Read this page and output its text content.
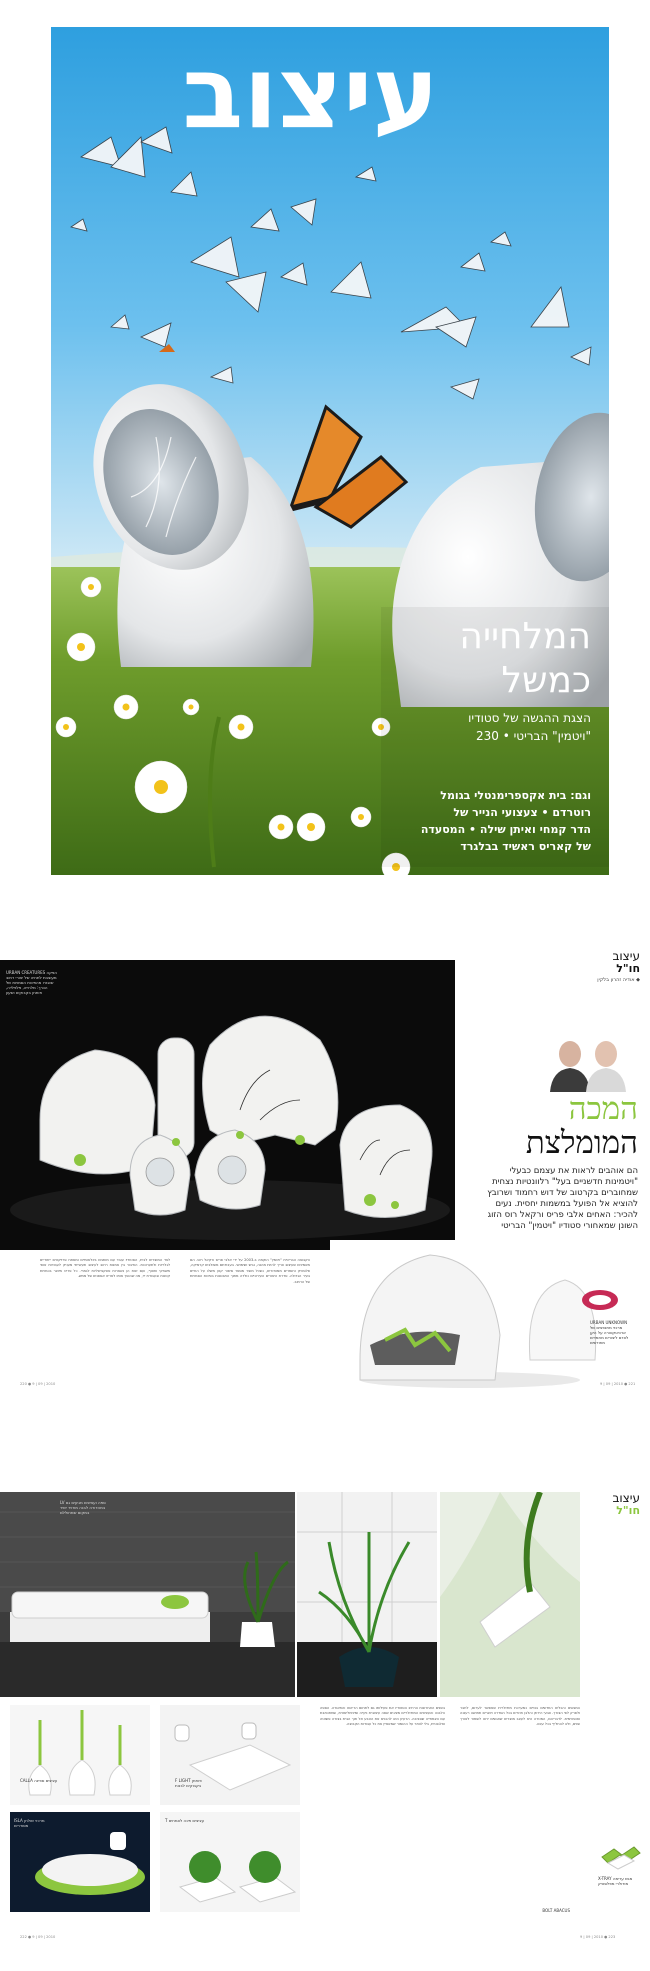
עיצוב
המלחייה
כמשל
הצגת ההגשה של סטודיו
"ויטמין" הבריטי • 230
וגם: בית אקספרימנטלי בגומל
רוטרדם • צעצועי הנייר של
הדר קמחי ואיתן שילה • המסעדה
של קאריס ראשיד בבלגרד
URBAN CREATURES הפקה מעוצבת לתחיה של יצורי רחוב שנגזרו מהפינות הסמויות של הכרך: מלחייה, פלפלייה, פותחן בקבוקים ושעון
עיצוב
חו"ל
◆ אודיה זהרון בלקין
המכה
המומלצת
הם אוהבים לראות את עצמם כבעלי
"ויטמינות חדשניים בעל" רלוונטיות נצחית
שמחוברים בקרטוב של דוש רחמוד ושרובץ
להוציא אל הפועל במשמות יחסית. נעים
להכיר: האחים אלבי פריס ורקאל רוס הזוג
השונן שמאחורי סטודיו "ויטמין" הבריטי
הקבוצה הבריטית "ויטמין" הוקמה ב-2003 על ידי אלבי פריס ורקאל רוס. הם מאמינים שעיצוב צריך להיות מהנה, נגיש ושימושי. בעבודתם משולבים קרמיקה, פלסטיק וחומרים ממוחזרים, כשכל מוצר מספר סיפור קטן משלו על החיים בעיר הגדולה. סדרת היצורים העירוניים נולדה מתוך התבוננות בפינות הסמויות של הרחוב.
לצד המוצרים לבית, הסטודיו עובד עם מותגים בינלאומיים ומפתח פרויקטים ייחודיים לגלריות ולתערוכות. החיבור בין אמנות רחוב לעיצוב תעשייתי מעניק לעבודות אופי משחקי וחצוף, ועם זאת הן נשארות פונקציונליות לגמרי. כל פריט מיוצר בכמויות קטנות ובעבודת יד, מה שהופך אותו לפריט אספנים של ממש.
URBAN UNKNOWN מרכזי מתנפצים של ארכיטקטורה על הקן לצדם ליצורים מחמדים מחודשים
220 ● 9 | 09 | 2010	9 | 09 | 2010 ● 221
LV ספה ועציצים מגיעים גם במהדורה לבנה מחזיר ישיר במקום שמחוללם
עיצוב
חו"ל
CALLA עציצים ספינה	F LIGHT פותחן בקבוקים לבנות
ISLA מרכזי שולחן מסודרים
T עציצים פינה לצמחים
בשנים האחרונות הרחיב הסטודיו את פעילותו גם לתחום הריהוט והתאורה. הספה הלבנה והעציצים המודולריים מציגים שפה עיצובית נקייה ומינימליסטית, שמתכתבת עם הצמחייה שסביבה. הרעיון הוא להכניס את הטבע אל תוך הבית בצורה פשוטה ואלגנטית, בלי לוותר על ההומור שמאפיין את כל עבודות הקבוצה.
המגשים והכלים החדשים בנויים כמערכת מודולרית שאפשר לערום, לחבר ולפרק לפי הצורך. צבעי הירוק והלבן חוזרים בכל הסדרה ויוצרים תחושה רעננה ואופטימית. לדבריהם, המטרה היא לעצב מוצרים שאנשים ירצו לשמור לאורך שנים, ולא להחליף בכל עונה.
X-TRAY מגש ערימה מודולרי מפלסטיק
BOLT ABACUS
222 ● 9 | 09 | 2010	9 | 09 | 2010 ● 223
